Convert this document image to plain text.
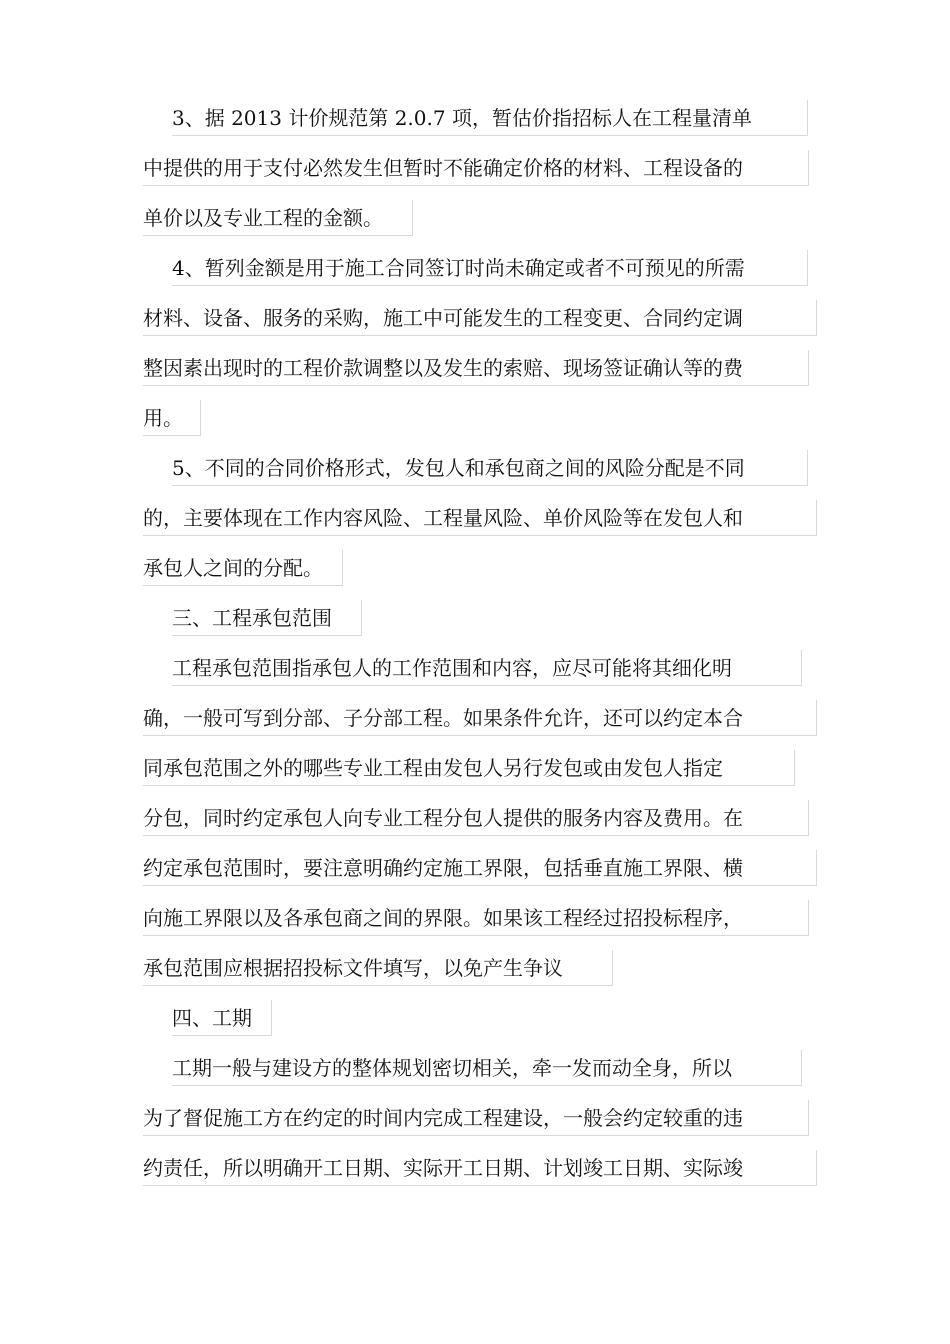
3、据 2013 计价规范第 2.0.7 项，暂估价指招标人在工程量清单
中提供的用于支付必然发生但暂时不能确定价格的材料、工程设备的
单价以及专业工程的金额。
4、暂列金额是用于施工合同签订时尚未确定或者不可预见的所需
材料、设备、服务的采购，施工中可能发生的工程变更、合同约定调
整因素出现时的工程价款调整以及发生的索赔、现场签证确认等的费
用。
5、不同的合同价格形式，发包人和承包商之间的风险分配是不同
的，主要体现在工作内容风险、工程量风险、单价风险等在发包人和
承包人之间的分配。
三、工程承包范围
工程承包范围指承包人的工作范围和内容，应尽可能将其细化明
确，一般可写到分部、子分部工程。如果条件允许，还可以约定本合
同承包范围之外的哪些专业工程由发包人另行发包或由发包人指定
分包，同时约定承包人向专业工程分包人提供的服务内容及费用。在
约定承包范围时，要注意明确约定施工界限，包括垂直施工界限、横
向施工界限以及各承包商之间的界限。如果该工程经过招投标程序，
承包范围应根据招投标文件填写，以免产生争议
四、工期
工期一般与建设方的整体规划密切相关，牵一发而动全身，所以
为了督促施工方在约定的时间内完成工程建设，一般会约定较重的违
约责任，所以明确开工日期、实际开工日期、计划竣工日期、实际竣
